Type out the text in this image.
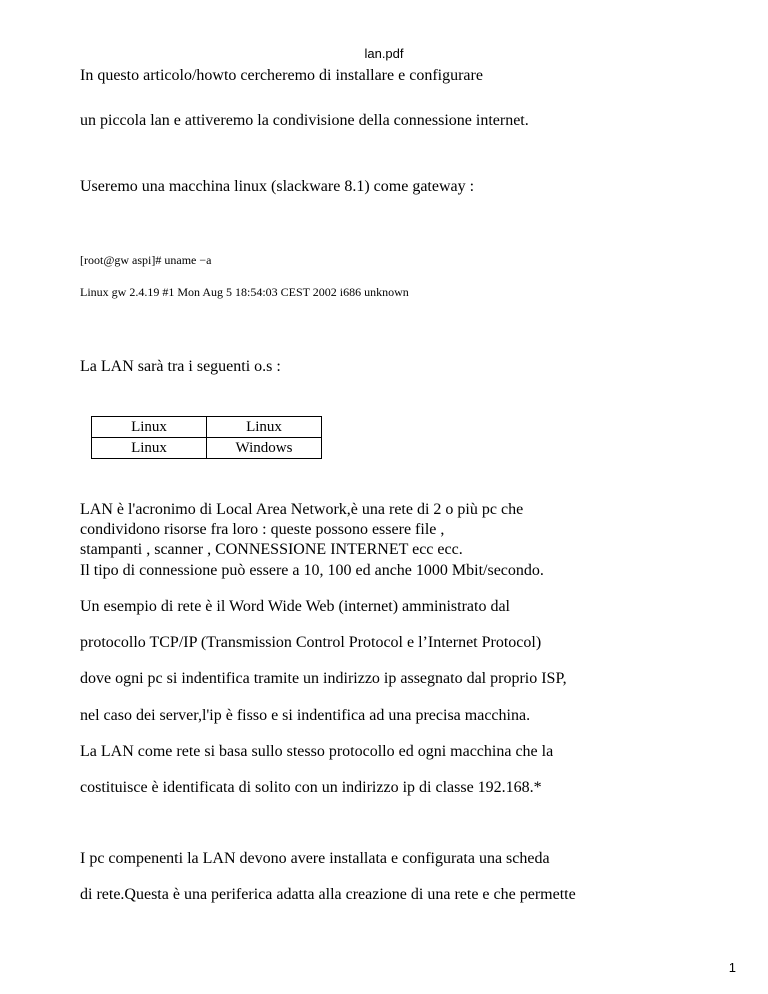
lan.pdf

In questo articolo/howto cercheremo di installare e configurare

un piccola lan e attiveremo la condivisione della connessione internet.

Useremo una macchina linux (slackware 8.1) come gateway :

[root@gw aspi]# uname −a

Linux gw 2.4.19 #1 Mon Aug 5 18:54:03 CEST 2002 i686 unknown

La LAN sarà tra i seguenti o.s :

Linux	Linux
Linux	Windows

LAN è l'acronimo di Local Area Network,è una rete di 2 o più pc che

condividono risorse fra loro : queste possono essere file ,

stampanti , scanner , CONNESSIONE INTERNET ecc ecc.

Il tipo di connessione può essere a 10, 100 ed anche 1000 Mbit/secondo.

Un esempio di rete è il Word Wide Web (internet) amministrato dal

protocollo TCP/IP (Transmission Control Protocol e l’Internet Protocol)

dove ogni pc si indentifica tramite un indirizzo ip assegnato dal proprio ISP,

nel caso dei server,l'ip è fisso e si indentifica ad una precisa macchina.

La LAN come rete si basa sullo stesso protocollo ed ogni macchina che la

costituisce è identificata di solito con un indirizzo ip di classe 192.168.*

I pc compenenti la LAN devono avere installata e configurata una scheda

di rete.Questa è una periferica adatta alla creazione di una rete e che permette

1
